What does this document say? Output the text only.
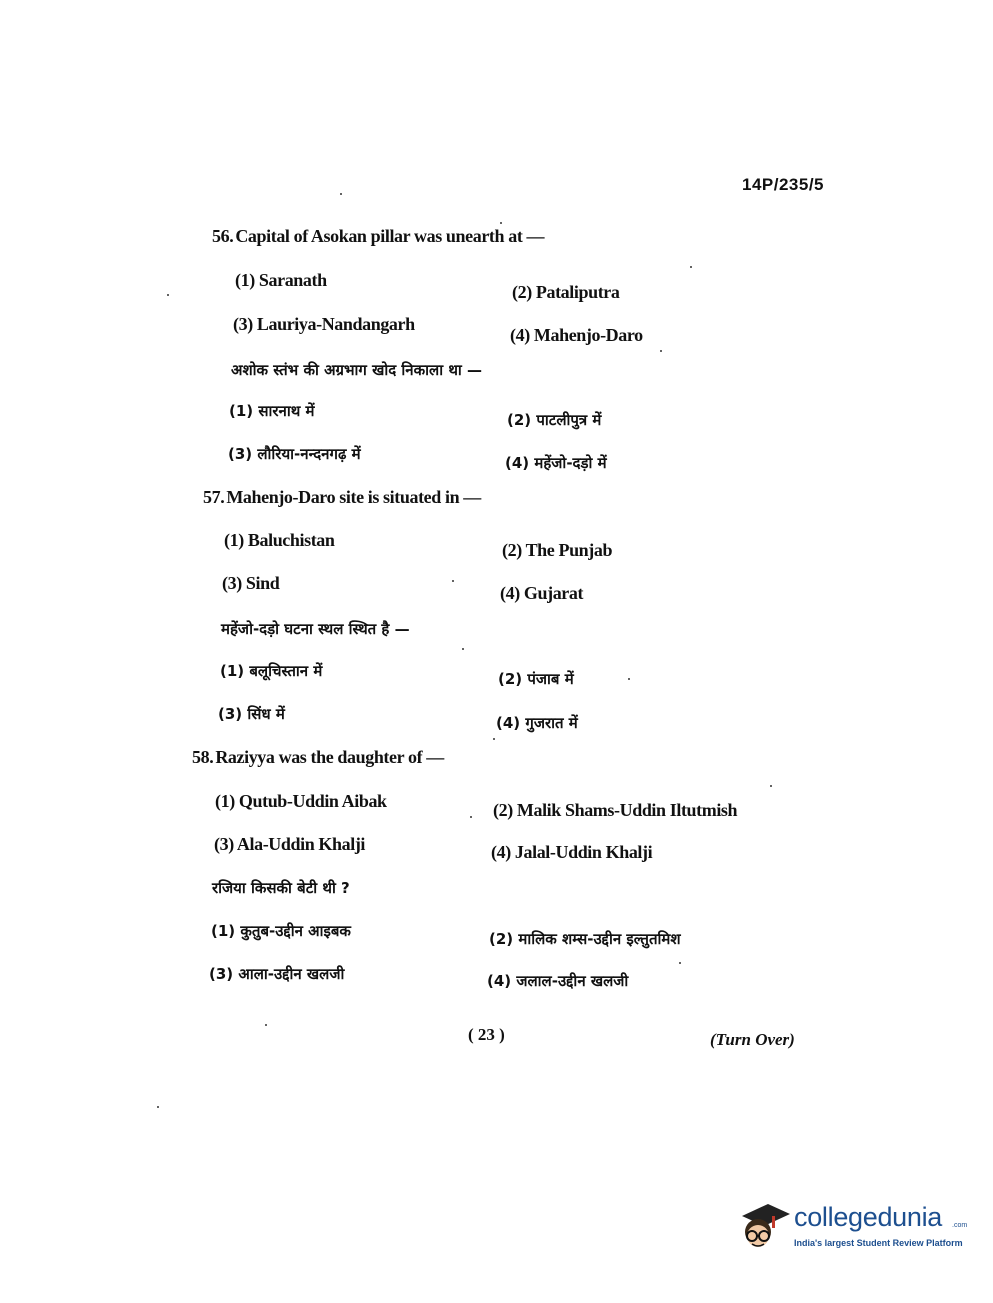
14P/235/5
56. Capital of Asokan pillar was unearth at —
(1) Saranath
(2) Pataliputra
(3) Lauriya-Nandangarh
(4) Mahenjo-Daro
अशोक स्तंभ की अग्रभाग खोद निकाला था —
(1) सारनाथ में	(2) पाटलीपुत्र में
(3) लौरिया-नन्दनगढ़ में	(4) महेंजो-दड़ो में
57. Mahenjo-Daro site is situated in —
(1) Baluchistan	(2) The Punjab
(3) Sind	(4) Gujarat
महेंजो-दड़ो घटना स्थल स्थित है —
(1) बलूचिस्तान में	(2) पंजाब में
(3) सिंध में	(4) गुजरात में
58. Raziyya was the daughter of —
(1) Qutub-Uddin Aibak	(2) Malik Shams-Uddin Iltutmish
(3) Ala-Uddin Khalji	(4) Jalal-Uddin Khalji
रजिया किसकी बेटी थी ?
(1) कुतुब-उद्दीन आइबक	(2) मालिक शम्स-उद्दीन इल्तुतमिश
(3) आला-उद्दीन खलजी	(4) जलाल-उद्दीन खलजी
( 23 )	(Turn Over)
collegedunia .com
India's largest Student Review Platform
